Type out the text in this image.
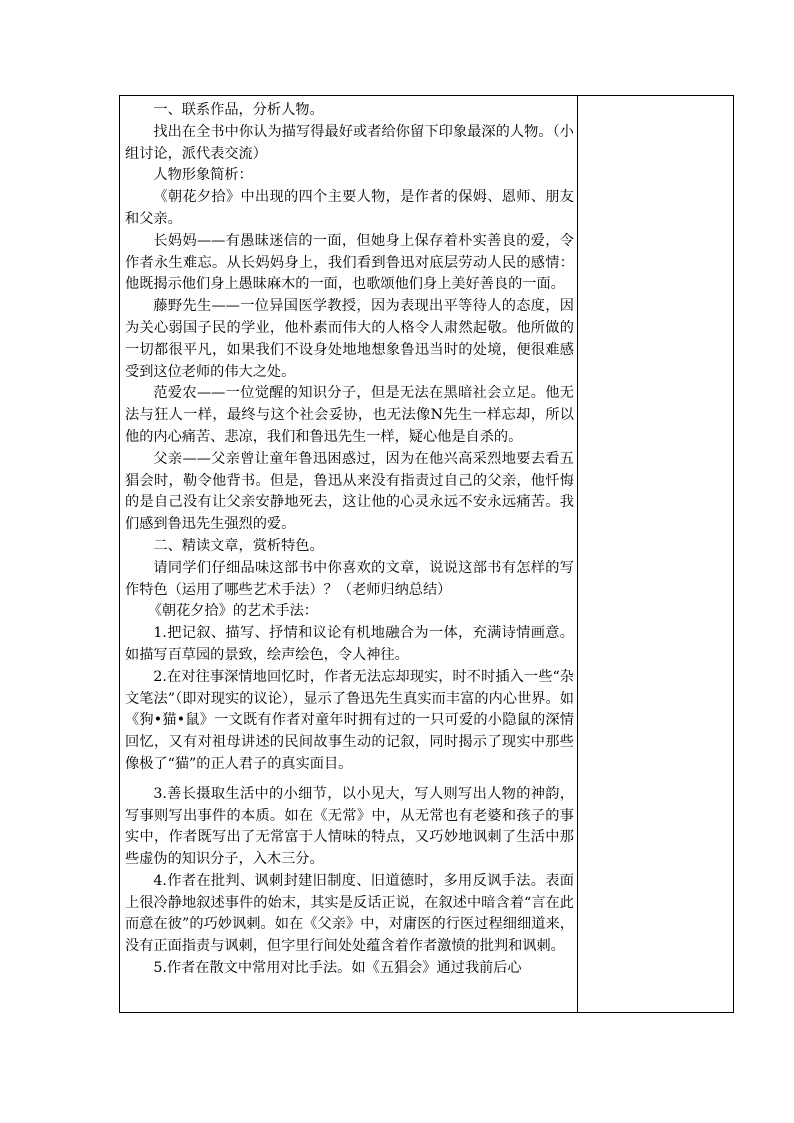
一、联系作品，分析人物。

找出在全书中你认为描写得最好或者给你留下印象最深的人物。（小组讨论，派代表交流）

人物形象简析：

《朝花夕拾》中出现的四个主要人物，是作者的保姆、恩师、朋友和父亲。

长妈妈——有愚昧迷信的一面，但她身上保存着朴实善良的爱，令作者永生难忘。从长妈妈身上，我们看到鲁迅对底层劳动人民的感情：他既揭示他们身上愚昧麻木的一面，也歌颂他们身上美好善良的一面。

藤野先生——一位异国医学教授，因为表现出平等待人的态度，因为关心弱国子民的学业，他朴素而伟大的人格令人肃然起敬。他所做的一切都很平凡，如果我们不设身处地地想象鲁迅当时的处境，便很难感受到这位老师的伟大之处。

范爱农——一位觉醒的知识分子，但是无法在黑暗社会立足。他无法与狂人一样，最终与这个社会妥协，也无法像N先生一样忘却，所以他的内心痛苦、悲凉，我们和鲁迅先生一样，疑心他是自杀的。

父亲——父亲曾让童年鲁迅困惑过，因为在他兴高采烈地要去看五猖会时，勒令他背书。但是，鲁迅从来没有指责过自己的父亲，他忏悔的是自己没有让父亲安静地死去，这让他的心灵永远不安永远痛苦。我们感到鲁迅先生强烈的爱。

二、精读文章，赏析特色。

请同学们仔细品味这部书中你喜欢的文章，说说这部书有怎样的写作特色（运用了哪些艺术手法）？（老师归纳总结）

《朝花夕拾》的艺术手法：

1.把记叙、描写、抒情和议论有机地融合为一体，充满诗情画意。如描写百草园的景致，绘声绘色，令人神往。

2.在对往事深情地回忆时，作者无法忘却现实，时不时插入一些“杂文笔法”（即对现实的议论），显示了鲁迅先生真实而丰富的内心世界。如《狗•猫•鼠》一文既有作者对童年时拥有过的一只可爱的小隐鼠的深情回忆，又有对祖母讲述的民间故事生动的记叙，同时揭示了现实中那些像极了“猫”的正人君子的真实面目。

3.善长摄取生活中的小细节，以小见大，写人则写出人物的神韵，写事则写出事件的本质。如在《无常》中，从无常也有老婆和孩子的事实中，作者既写出了无常富于人情味的特点，又巧妙地讽刺了生活中那些虚伪的知识分子，入木三分。

4.作者在批判、讽刺封建旧制度、旧道德时，多用反讽手法。表面上很冷静地叙述事件的始末，其实是反话正说，在叙述中暗含着“言在此而意在彼”的巧妙讽刺。如在《父亲》中，对庸医的行医过程细细道来，没有正面指责与讽刺，但字里行间处处蕴含着作者激愤的批判和讽刺。

5.作者在散文中常用对比手法。如《五猖会》通过我前后心
